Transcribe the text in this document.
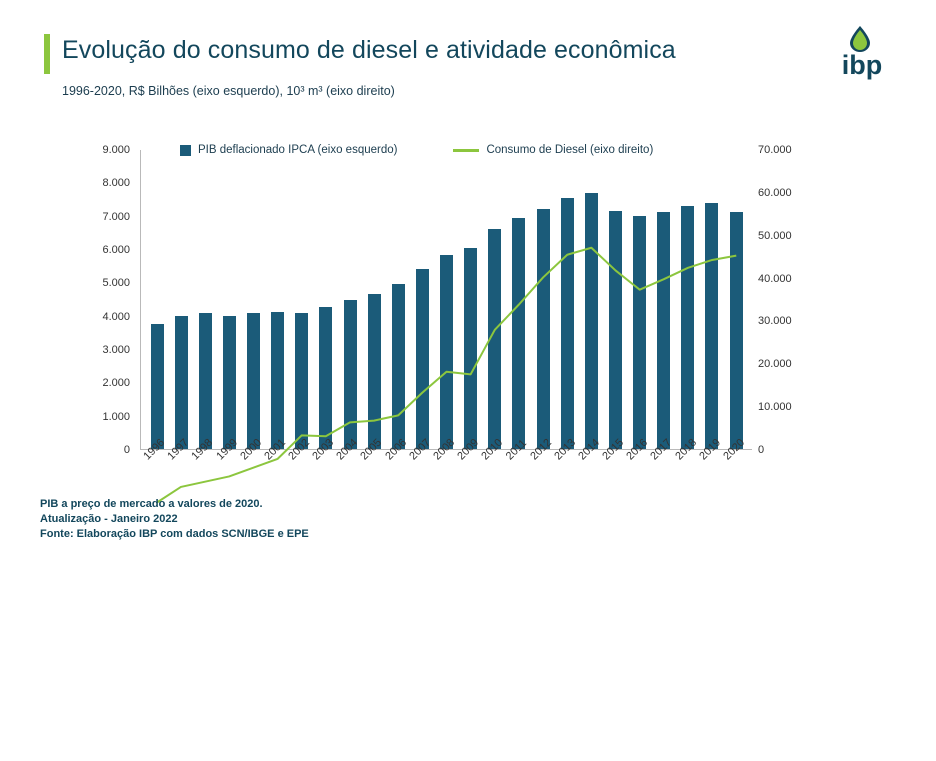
Evolução do consumo de diesel e atividade econômica
1996-2020, R$ Bilhões (eixo esquerdo), 10³ m³ (eixo direito)
ibp
PIB deflacionado IPCA (eixo esquerdo)	Consumo de Diesel (eixo direito)
0
1.000
2.000
3.000
4.000
5.000
6.000
7.000
8.000
9.000
0
10.000
20.000
30.000
40.000
50.000
60.000
70.000
1996
1997
1998
1999
2000
2001
2002
2003
2004
2005
2006
2007
2008
2009
2010
2011
2012
2013
2014
2015
2016
2017
2018
2019
2020
PIB a preço de mercado a valores de 2020.
Atualização - Janeiro 2022
Fonte: Elaboração IBP com dados SCN/IBGE e EPE
